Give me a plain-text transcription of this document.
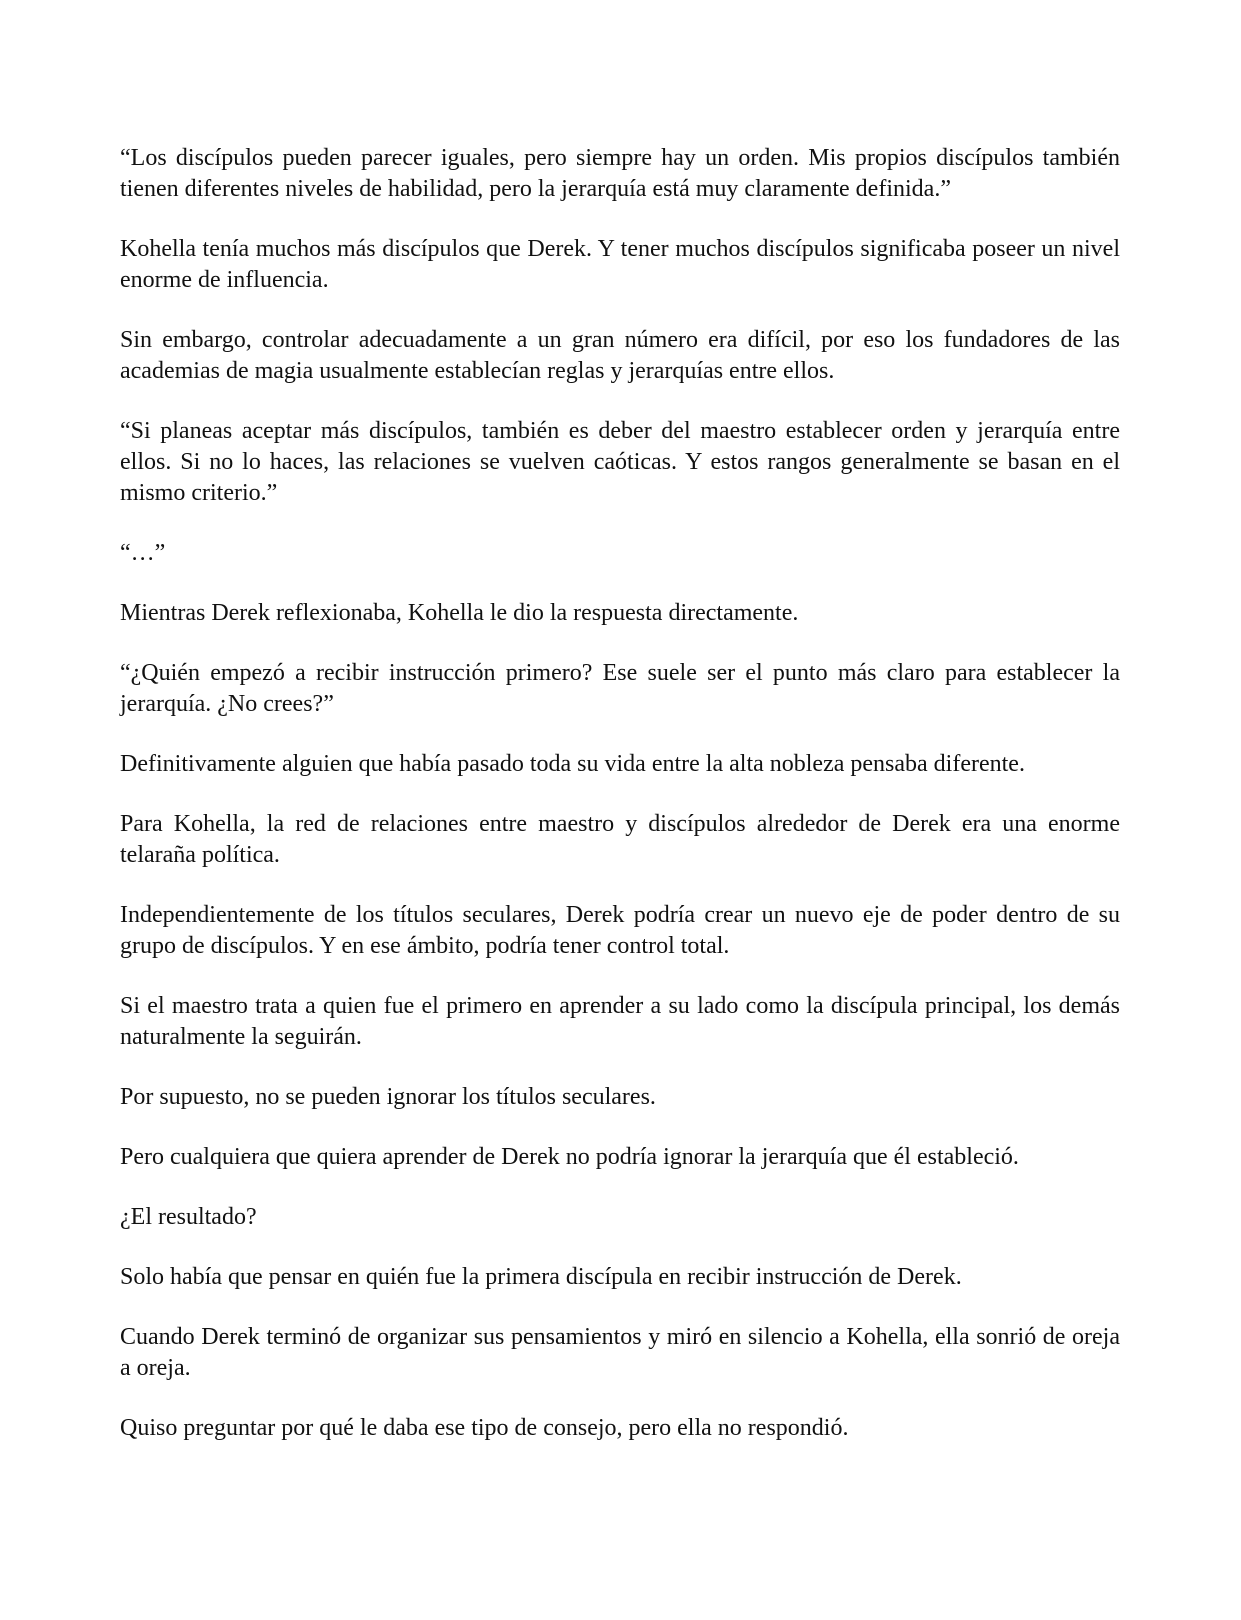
“Los discípulos pueden parecer iguales, pero siempre hay un orden. Mis propios discípulos también tienen diferentes niveles de habilidad, pero la jerarquía está muy claramente definida.”

Kohella tenía muchos más discípulos que Derek. Y tener muchos discípulos significaba poseer un nivel enorme de influencia.

Sin embargo, controlar adecuadamente a un gran número era difícil, por eso los fundadores de las academias de magia usualmente establecían reglas y jerarquías entre ellos.

“Si planeas aceptar más discípulos, también es deber del maestro establecer orden y jerarquía entre ellos. Si no lo haces, las relaciones se vuelven caóticas. Y estos rangos generalmente se basan en el mismo criterio.”

“…”

Mientras Derek reflexionaba, Kohella le dio la respuesta directamente.

“¿Quién empezó a recibir instrucción primero? Ese suele ser el punto más claro para establecer la jerarquía. ¿No crees?”

Definitivamente alguien que había pasado toda su vida entre la alta nobleza pensaba diferente.

Para Kohella, la red de relaciones entre maestro y discípulos alrededor de Derek era una enorme telaraña política.

Independientemente de los títulos seculares, Derek podría crear un nuevo eje de poder dentro de su grupo de discípulos. Y en ese ámbito, podría tener control total.

Si el maestro trata a quien fue el primero en aprender a su lado como la discípula principal, los demás naturalmente la seguirán.

Por supuesto, no se pueden ignorar los títulos seculares.

Pero cualquiera que quiera aprender de Derek no podría ignorar la jerarquía que él estableció.

¿El resultado?

Solo había que pensar en quién fue la primera discípula en recibir instrucción de Derek.

Cuando Derek terminó de organizar sus pensamientos y miró en silencio a Kohella, ella sonrió de oreja a oreja.

Quiso preguntar por qué le daba ese tipo de consejo, pero ella no respondió.
